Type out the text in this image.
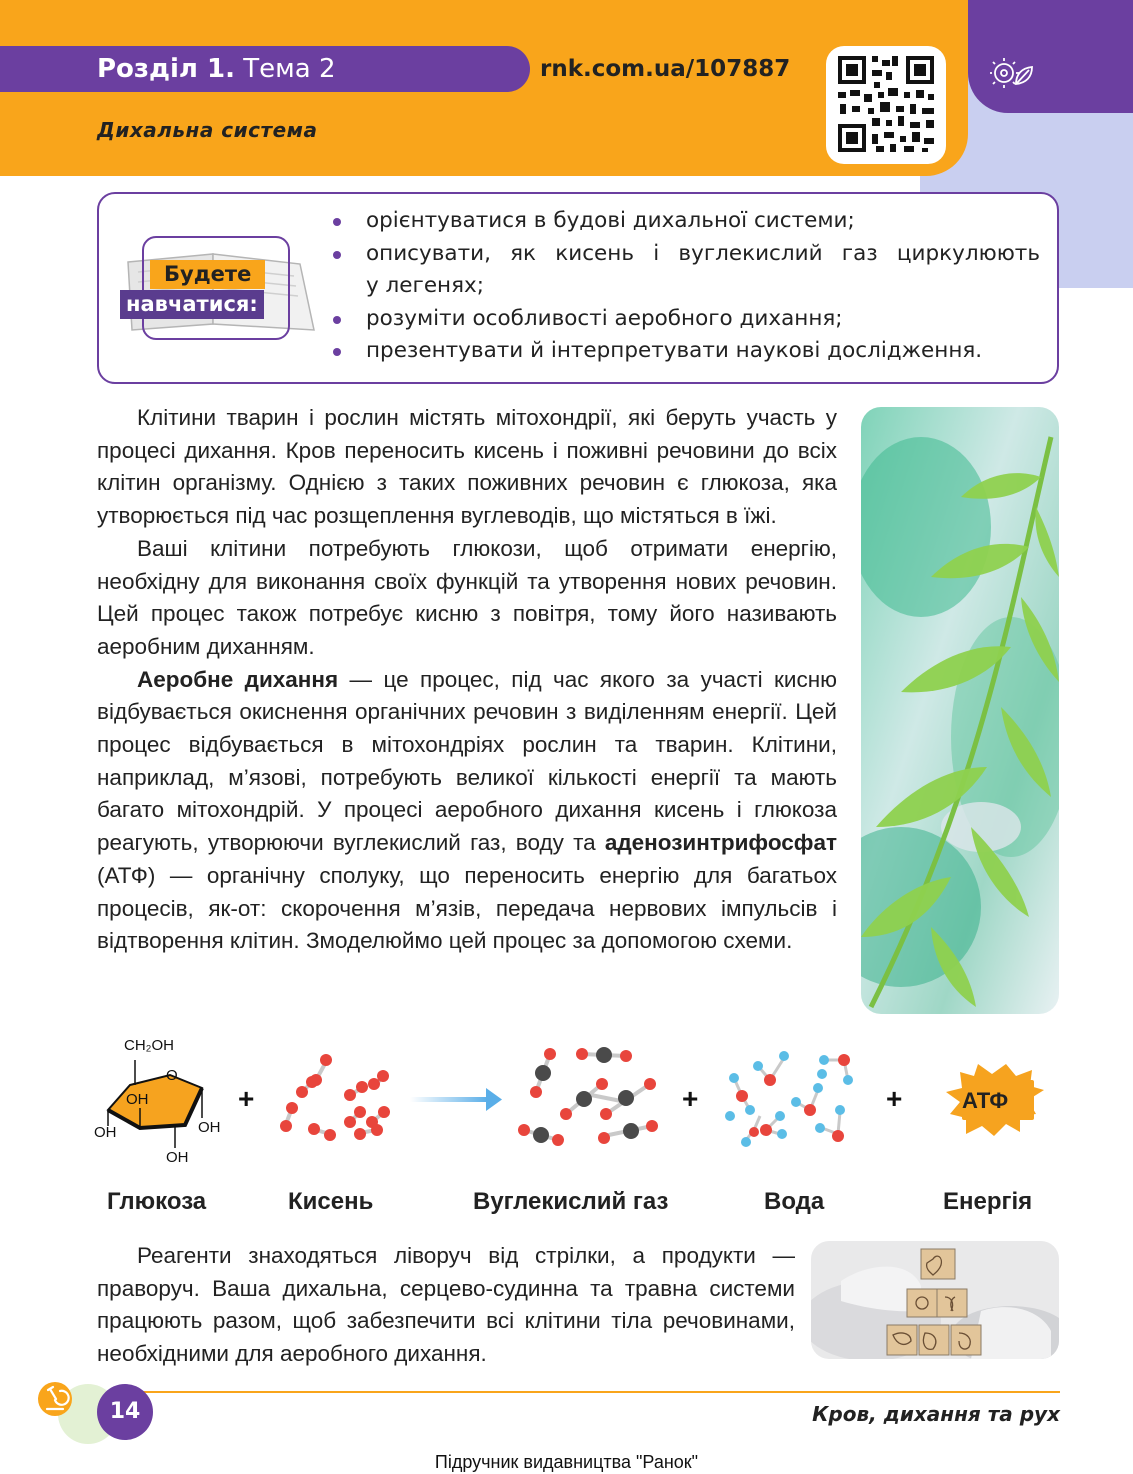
Розділ 1. Тема 2	rnk.com.ua/107887
Дихальна система
Будете
навчатися:
орієнтуватися в будові дихальної системи;
описувати, як кисень і вуглекислий газ циркулюють
у легенях;
розуміти особливості аеробного дихання;
презентувати й інтерпретувати наукові дослідження.

Клітини тварин і рослин містять мітохондрії, які беруть участь у процесі дихання. Кров переносить кисень і поживні речовини до всіх клітин організму. Однією з таких поживних речовин є глюкоза, яка утворюється під час розщеплення вуглеводів, що містяться в їжі.

Ваші клітини потребують глюкози, щоб отримати енергію, необхідну для виконання своїх функцій та утворення нових речовин. Цей процес також потребує кисню з повітря, тому його називають аеробним диханням.

Аеробне дихання — це процес, під час якого за участі кисню відбувається окиснення органічних речовин з виділенням енергії. Цей процес відбувається в мітохондріях рослин та тварин. Клітини, наприклад, м’язові, потребують великої кількості енергії та мають багато мітохондрій. У процесі аеробного дихання кисень і глюкоза реагують, утворюючи вуглекислий газ, воду та аденозинтрифосфат (АТФ) — органічну сполуку, що переносить енергію для багатьох процесів, як-от: скорочення м’язів, передача нервових імпульсів і відтворення клітин. Змоделюймо цей процес за допомогою схеми.

CH₂OH
O
OH
OH	OH
OH
+	+	+	АТФ
Глюкоза	Кисень	Вуглекислий газ	Вода	Енергія

Реагенти знаходяться ліворуч від стрілки, а продукти — праворуч. Ваша дихальна, серцево-судинна та травна системи працюють разом, щоб забезпечити всі клітини тіла речовинами, необхідними для аеробного дихання.

14	Кров, дихання та рух
Підручник видавництва "Ранок"
